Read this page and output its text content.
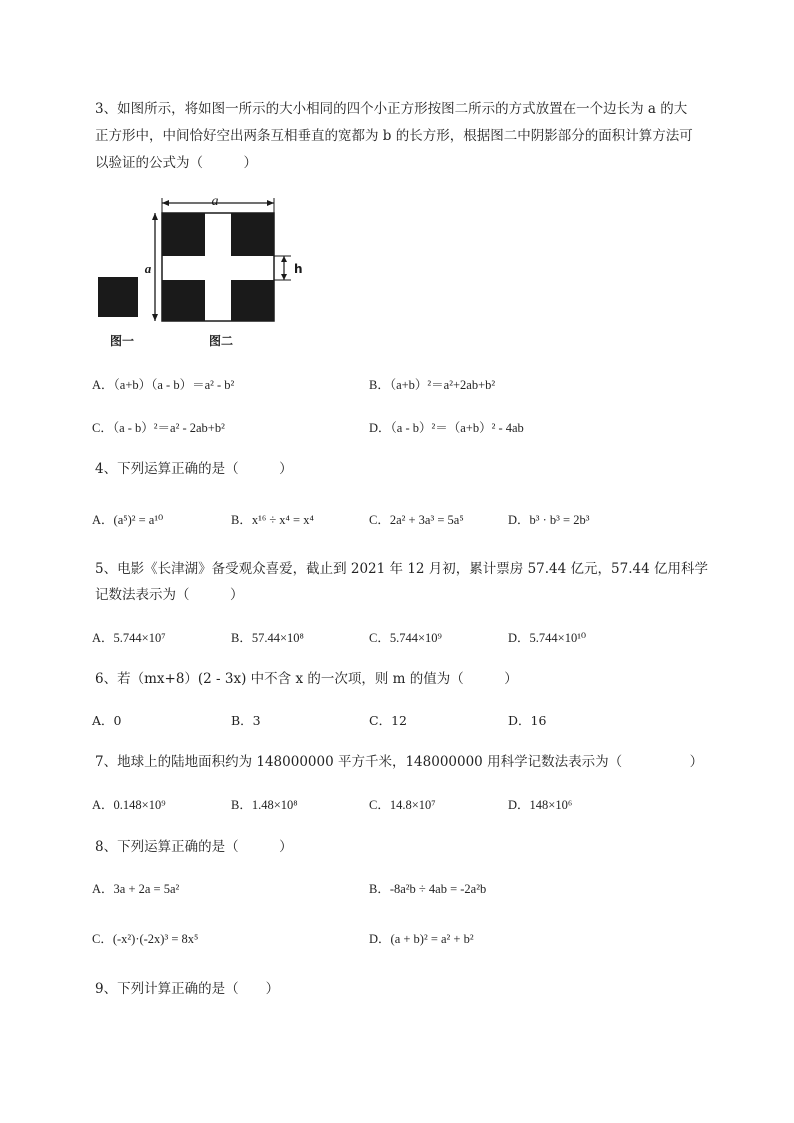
3、如图所示，将如图一所示的大小相同的四个小正方形按图二所示的方式放置在一个边长为 a 的大
正方形中，中间恰好空出两条互相垂直的宽都为 b 的长方形，根据图二中阴影部分的面积计算方法可
以验证的公式为（　　　）
a
a	h
图一	图二
A．（a+b）（a - b）＝a² - b²	B．（a+b）²＝a²+2ab+b²
C．（a - b）²＝a² - 2ab+b²	D．（a - b）²＝（a+b）² - 4ab
4、下列运算正确的是（　　　）
A．(a⁵)² = a¹⁰	B．x¹⁶ ÷ x⁴ = x⁴	C．2a² + 3a³ = 5a⁵	D．b³ · b³ = 2b³
5、电影《长津湖》备受观众喜爱，截止到 2021 年 12 月初，累计票房 57.44 亿元，57.44 亿用科学
记数法表示为（　　　）
A．5.744×10⁷	B．57.44×10⁸	C．5.744×10⁹	D．5.744×10¹⁰
6、若（mx+8）(2 - 3x) 中不含 x 的一次项，则 m 的值为（　　　）
A．0	B．3	C．12	D．16
7、地球上的陆地面积约为 148000000 平方千米，148000000 用科学记数法表示为（　　　　　）
A．0.148×10⁹	B．1.48×10⁸	C．14.8×10⁷	D．148×10⁶
8、下列运算正确的是（　　　）
A．3a + 2a = 5a²	B．-8a²b ÷ 4ab = -2a²b
C．(-x²)·(-2x)³ = 8x⁵	D．(a + b)² = a² + b²
9、下列计算正确的是（　　）
